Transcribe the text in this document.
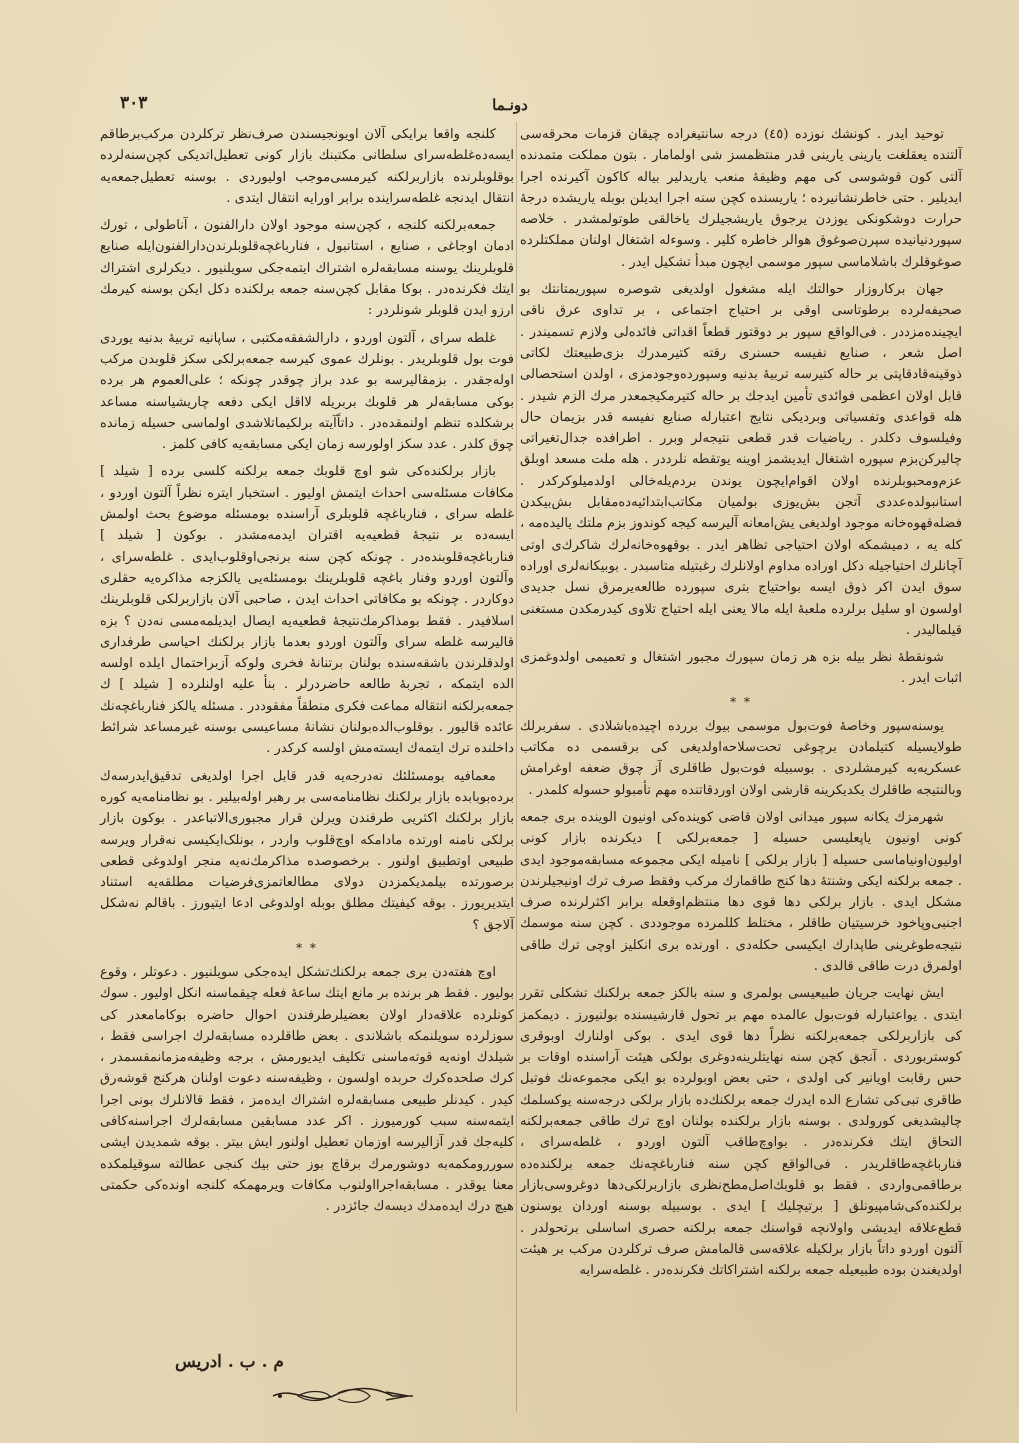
٣٠٣	دونـما

توحید ایدر . کونشك نوزده (٤٥) درجه سانتیغراده چیقان قزمات محرقه‌سی آلتنده یعقلغت یارینی یارینی قدر منتظمسز شی اولمامار . بتون مملکت متمدنده آلتی کون قوشوسی کی مهم وظیفۀ منعب یاریدلیر بیاله کاکون آکیرنده اجرا ایدیلیر . حتی خاطرنشانیرده ؛ یاریسنده کچن سنه اجرا ایدیلن بوبله یاریشده درجۀ حرارت دوشکونکی یوزدن یرجوق یاریشجیلرك یاخالقی طوتولمشدر . خلاصه سپوردنیانیده سپرن‌صوغوق هوالر خاطره کلیر . وسوءله اشتغال اولنان مملکتلرده صوغوقلرك باشلاماسی سپور موسمی ایچون مبدأ تشکیل ایدر .

جهان برکاروزار حوالتك ایله مشغول اولدیغی شوصره سپوریمتانتك بو صحیفه‌لرده برطوتاسی اوقی بر احتیاج اجتماعی ، بر تداوی عرق ناقی ایچینده‌مزددر . فی‌الواقع سپور بر دوقتور قطعاً اقداتی فائده‌لی ولازم تسمیندر . اصل شعر ، صنایع نفیسه حسنری رقته کتیرمدرك بزی‌طبیعتك لکاتی ذوقینه‌قادقاپتی بر حاله کتیرسه تربیۀ بدنیه وسپورده‌وجودمزی ، اولدن استحصالی قابل اولان اعظمی فوائدی تأمین ایدجك بر حاله کتیرمکیجمعدر مرك الزم شیدر . هله قواعدی وتفسیاتی وبردیکی نتایج اعتبارله صنایع نفیسه قدر بزیمان حال وفیلسوف دکلدر . ریاضیات قدر قطعی نتیجه‌لر وبرر . اطرافده جدال‌تغیراتی چالیرکن‌بزم سپوره اشتغال ایدیشمز اوینه یوتقطه نلرددر . هله ملت مسعد اوبلق عزم‌ومحبوبلرنده اولان اقوام‌ایچون یوندن بردم‌یله‌خالی اولدمیلوکرکدر . استانبولده‌عددی آتجن بش‌یوزی بولمیان مکاتب‌ابتدائیه‌ده‌مقابل بش‌بیکدن فضله‌قهوه‌خانه موجود اولدیغی یش‌امعانه آلیرسه کیجه کوندوز بزم ملتك یالیده‌مه ، کله یه ، دمیشمکه اولان احتیاجی تظاهر ایدر . بوقهوه‌خانه‌لرك شاکرك‌ی اوتی آچانلرك احتیاجیله دکل اوراده مداوم اولانلرك رغبتیله متاسبدر . بوبیکانه‌لری اوراده سوق ایدن اکر ذوق ایسه بواحتیاج بتری سپورده طالعه‌یرمرق نسل جدیدی اولسون او سلیل برلرده ملعبۀ ایله مالا یعنی ایله احتیاج تلاوی کیدرمکدن مستغنی قیلمالیدر .

شونقطۀ نظر بیله بزه هر زمان سپورك مجبور اشتغال و تعمیمی اولدوغمزی اثبات ایدر .

* *

یوسنه‌سپور وخاصۀ فوت‌بول موسمی بیوك بررده اچیده‌باشلادی . سفربرلك طولایسیله کتیلمادن برچوغی تحت‌سلاحه‌اولدیغی کی برقسمی ده مکاتب عسکریه‌یه کیرمشلردی . بوسبیله فوت‌بول طاقلری آز چوق ضعفه اوغرامش وبالنتیجه طاقلرك یکدیکرینه قارشی اولان اوردقاتنده مهم تأمبولو حسوله کلمدر .

شهرمزك یکانه سپور میدانی اولان قاضی کوینده‌کی اونیون الوینده بری جمعه کونی اونیون یاپعلیسی حسیله [ جمعه‌برلکی ] دیکرنده بازار کونی اولیون‌اونیاماسی حسیله [ بازار برلکی ] نامیله ایکی مجموعه مسابقه‌موجود ایدی . جمعه برلکنه ایکی وشنتۀ دها کنج طاقمارك مرکب وفقط صرف ترك اونیجیلرندن مشکل ایدی . بازار برلکی دها قوی دها منتظم‌اوقعله برابر اکثرلرنده صرف اجنبی‌وپاخود خرسیتیان طاقلر ، مختلط کللمرده موجوددی . کچن سنه موسمك نتیجه‌طوغرینی طاپدارك ایکیسی حکله‌دی . اورنده بری انکلیز اوچی ترك طاقی اولمرق درت طاقی قالدی .

ایش نهایت جریان طبیعیسی بولمری و سنه بالکز جمعه برلکنك تشکلی تقرر ایتدی . یواعتبارله فوت‌بول عالمده مهم بر تحول قارشیسنده بولنیورز . دیمکمز کی بازاربرلکی جمعه‌برلکنه نظراً دها قوی ایدی . بوکی اولنارك اوبوقری کوستربوردی . آنجق کچن سنه نهایتلرینه‌دوغری بولکی هیئت آراسنده اوقات بر حس رقابت اویانیر کی اولدی ، حتی بعض اوبولرده بو ایکی مجموعه‌نك فوتبل طاقری تبی‌کی تشارع الده ایدرك جمعه برلکنك‌ده بازار برلکی درجه‌سنه یوکسلمك چالیشدیغی کورولدی . بوسنه بازار برلکنده بولنان اوچ ترك طاقی جمعه‌برلکنه التحاق ایتك فکرنده‌در . بواوچ‌طاقب آلتون اوردو ، غلطه‌سرای ، فنارباغچه‌طاقلریدر . فی‌الواقع کچن سنه فنارباغچه‌نك جمعه برلکنده‌ده برطاقمی‌واردی . فقط بو قلوبك‌اصل‌مطح‌نظری بازاربرلکی‌دها دوغروسی‌بازار برلکنده‌کی‌شامپیونلق [ برتیچلیك ] ایدی . بوسبیله بوسنه اوردان یوسنون قطع‌علاقه ایدیشی واولانچه قواسنك جمعه برلکنه حصری اساسلی برتحولدر . آلتون اوردو داتاً بازار برلکیله علاقه‌سی قالمامش صرف ترکلردن مرکب بر هیئت اولدیغندن بوده طبیعیله جمعه برلکنه اشتراکاتك فکرنده‌در . غلطه‌سرایه

کلنجه واقعا برایکی آلان اویونجیسندن صرف‌نظر ترکلردن مرکب‌برطاقم ایسه‌ده‌غلطه‌سرای سلطانی مکتبنك بازار کونی تعطیل‌اتدیکی کچن‌سنه‌لرده بوقلوبلرنده بازاربرلکنه کیرمسی‌موجب اولیوردی . بوسنه تعطیل‌جمعه‌یه انتقال ایدنجه غلطه‌سراینده برابر اورایه انتقال ایتدی .

جمعه‌برلکنه کلنجه ، کچن‌سنه موجود اولان دارالفنون ، آناطولی ، تورك ادمان اوجاغی ، صنایع ، استانبول ، فنارباغچه‌قلوبلرندن‌دارالفنون‌ایله صنایع قلوبلرینك یوسنه مسابقه‌لره اشتراك ایتمه‌جکی سویلنیور . دیکرلری اشتراك ایتك فکرنده‌در . بوکا مقابل کچن‌سنه جمعه برلکنده دکل ایکن بوسنه کیرمك ارزو ایدن قلوبلر شونلردر :

غلطه سرای ، آلتون اوردو ، دارالشفقه‌مکتبی ، ساپانیه تربیۀ بدنیه یوردی فوت بول قلوبلریدر . بونلرك عموی کیرسه جمعه‌برلکی سکز قلوبدن مرکب اوله‌جقدر . بزمقالیرسه بو عدد براز چوقدر چونکه ؛ علی‌العموم هر برده بوکی مسابقه‌لر هر قلوبك بربریله لااقل ایکی دفعه چاریشیاسنه مساعد برشکلده تنظم اولنمقده‌در . داتاًآیته برلکیماتلاشدی اولماسی حسیله زمانده چوق کلدر . عدد سکز اولورسه زمان ایکی مسابقه‌یه کافی کلمز .

بازار برلکنده‌کی شو اوچ قلوبك جمعه برلکنه کلسی برده [ شیلد ] مکافات مسئله‌سی احداث ایتمش اولیور . استخبار ایتره نظراً آلتون اوردو ، غلطه سرای ، فنارباغچه قلوبلری آراسنده بومسئله موضوع بحث اولمش ایسه‌ده بر نتیجۀ قطعیه‌یه اقتران ایدمه‌مشدر . بوکون [ شیلد ] فنارباغچه‌قلوبنده‌در . چونکه کچن سنه برنجی‌اوقلوب‌ایدی . غلطه‌سرای ، وآلتون اوردو وفنار باغچه قلوبلرینك بومسئله‌یی یالکزجه مذاکره‌یه حقلری دوکاردر . چونکه بو مکافاتی احداث ایدن ، صاحبی آلان بازاربرلکی قلوبلرینك اسلافیدر . فقط بومذاکرمك‌نتیجۀ قطعیه‌یه ایصال ایدیلمه‌مسی نه‌دن ؟ بزه قالیرسه غلطه سرای وآلتون اوردو بعدما بازار برلکنك احیاسی طرفداری اولدقلرندن باشقه‌سنده بولنان برتنانۀ فخری ولوكه آزبراحتمال ایلده اولسه الده ایتمکه ، تجربۀ طالعه حاضردرلر . بنأ علیه اولنلرده [ شیلد ] ك جمعه‌برلکنه انتقاله مماعت فکری منطقاً مفقوددر . مسئله یالکز فنارباغچه‌نك عائده قالیور . بوقلوب‌الده‌بولنان نشانۀ مساعیسی بوسنه غیرمساعد شرائط داخلنده ترك ایتمه‌ك ایسته‌مش اولسه کرکدر .

معمافیه بومسئلئك نه‌درجه‌یه قدر قابل اجرا اولدیغی تدقیق‌ایدرسه‌ك برده‌بوبابده بازار برلکنك نظامنامه‌سی بر رهبر اوله‌بیلیر . بو نظامنامه‌یه کوره بازار برلکنك اکثریی طرفندن ویرلن قرار مجبوری‌الاتباعدر . بوکون بازار برلکی نامنه اورتده مادامکه اوچ‌قلوب واردر ، بونلک‌ایکیسی نه‌قرار ویرسه طبیعی اوتطبیق اولنور . برخصوصده مذاکرمك‌نه‌یه منجر اولدوغی قطعی برصورتده بیلمدیکمزدن دولای مطالعاتمزی‌فرضیات مطلقه‌یه استناد ایتدیریورز . بوقه کیفیتك مطلق بوبله اولدوغی ادعا ایتیورز . باقالم نه‌شکل آلاجق ؟

* *

اوچ هفته‌دن بری جمعه برلکنك‌تشکل ایده‌جکی سویلنیور . دعوتلر ، وقوع بولیور . فقط هر برنده بر مانع ایتك ساعۀ فعله چیقماسنه انکل اولیور . سوك کونلرده علاقه‌دار اولان بعضیلرطرفندن احوال حاضره بوکامامعدر کی سوزلرده سویلنمکه باشلاندی . بعض طاقلرده مسابقه‌لرك اجراسی فقط ، شیلدك اونه‌یه قوته‌ماسنی تکلیف ایدیورمش ، برجه وظیفه‌مزمانمقسمدر ، کرك صلحده‌کرك حربده اولسون ، وظیفه‌سنه دعوت اولنان هرکنج قوشه‌رق کیدر . کیدنلر طبیعی مسابقه‌لره اشتراك ایده‌مز ، فقط قالانلرك بونی اجرا ایتمه‌سنه سبب کورمیورز . اکر عدد مسابقین مسابقه‌لرك اجراسنه‌کافی کلیه‌جك قدر آزالیرسه اوزمان تعطیل اولنور ایش بیتر . بوقه شمدیدن ایشی سوررومکمه‌به دوشورمرك برقاچ بوز حتی بیك کنجی عطالته سوقیلمکده معنا یوقدر . مسابقه‌اجرااولنوب مکافات ویرمهمکه کلنجه اونده‌کی حکمتی هیچ درك ایده‌مدك دیسه‌ك جائزدر .

م . ب . ادریس
